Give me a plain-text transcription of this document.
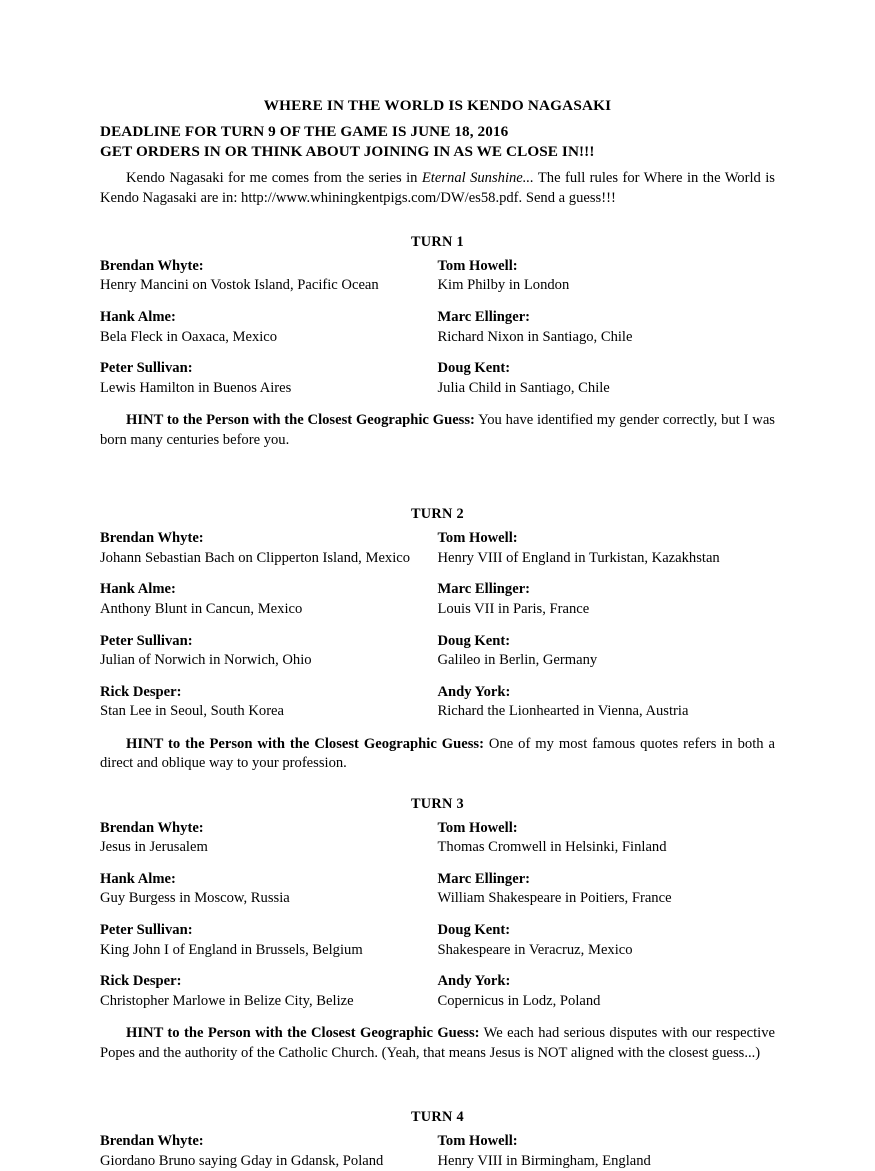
WHERE IN THE WORLD IS KENDO NAGASAKI
DEADLINE FOR TURN 9 OF THE GAME IS JUNE 18, 2016
GET ORDERS IN OR THINK ABOUT JOINING IN AS WE CLOSE IN!!!

Kendo Nagasaki for me comes from the series in Eternal Sunshine... The full rules for Where in the World is Kendo Nagasaki are in: http://www.whiningkentpigs.com/DW/es58.pdf. Send a guess!!!

TURN 1
Brendan Whyte:
Henry Mancini on Vostok Island, Pacific Ocean

Tom Howell:
Kim Philby in London

Hank Alme:
Bela Fleck in Oaxaca, Mexico

Marc Ellinger:
Richard Nixon in Santiago, Chile

Peter Sullivan:
Lewis Hamilton in Buenos Aires

Doug Kent:
Julia Child in Santiago, Chile

HINT to the Person with the Closest Geographic Guess: You have identified my gender correctly, but I was born many centuries before you.

TURN 2
Brendan Whyte:
Johann Sebastian Bach on Clipperton Island, Mexico

Tom Howell:
Henry VIII of England in Turkistan, Kazakhstan

Hank Alme:
Anthony Blunt in Cancun, Mexico

Marc Ellinger:
Louis VII in Paris, France

Peter Sullivan:
Julian of Norwich in Norwich, Ohio

Doug Kent:
Galileo in Berlin, Germany

Rick Desper:
Stan Lee in Seoul, South Korea

Andy York:
Richard the Lionhearted in Vienna, Austria

HINT to the Person with the Closest Geographic Guess: One of my most famous quotes refers in both a direct and oblique way to your profession.

TURN 3
Brendan Whyte:
Jesus in Jerusalem

Tom Howell:
Thomas Cromwell in Helsinki, Finland

Hank Alme:
Guy Burgess in Moscow, Russia

Marc Ellinger:
William Shakespeare in Poitiers, France

Peter Sullivan:
King John I of England in Brussels, Belgium

Doug Kent:
Shakespeare in Veracruz, Mexico

Rick Desper:
Christopher Marlowe in Belize City, Belize

Andy York:
Copernicus in Lodz, Poland

HINT to the Person with the Closest Geographic Guess: We each had serious disputes with our respective Popes and the authority of the Catholic Church. (Yeah, that means Jesus is NOT aligned with the closest guess...)

TURN 4
Brendan Whyte:
Giordano Bruno saying Gday in Gdansk, Poland

Tom Howell:
Henry VIII in Birmingham, England
